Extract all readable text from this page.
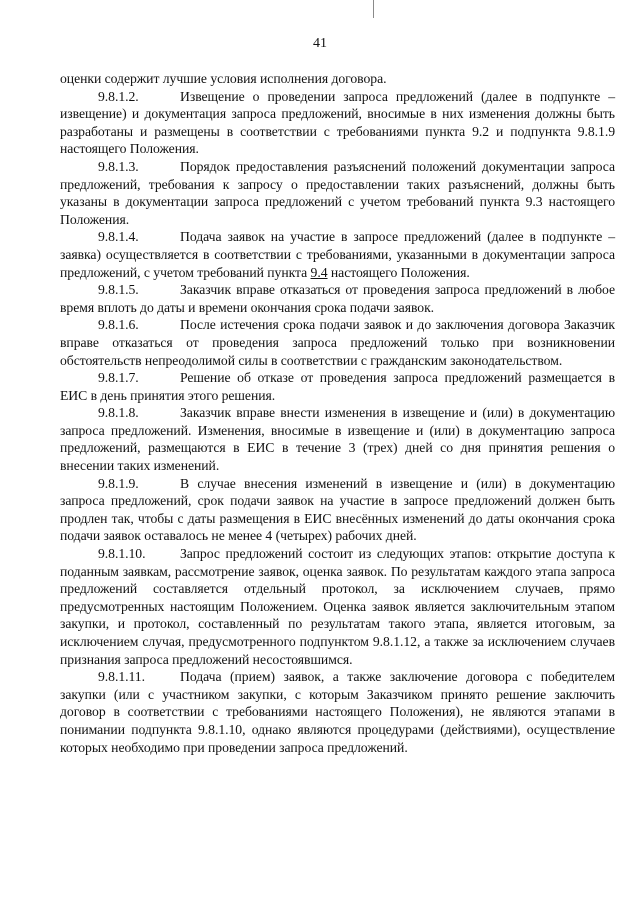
41

оценки содержит лучшие условия исполнения договора.

9.8.1.2.	Извещение о проведении запроса предложений (далее в подпункте – извещение) и документация запроса предложений, вносимые в них изменения должны быть разработаны и размещены в соответствии с требованиями пункта 9.2 и подпункта 9.8.1.9 настоящего Положения.

9.8.1.3.	Порядок предоставления разъяснений положений документации запроса предложений, требования к запросу о предоставлении таких разъяснений, должны быть указаны в документации запроса предложений с учетом требований пункта 9.3 настоящего Положения.

9.8.1.4.	Подача заявок на участие в запросе предложений (далее в подпункте – заявка) осуществляется в соответствии с требованиями, указанными в документации запроса предложений, с учетом требований пункта 9.4 настоящего Положения.

9.8.1.5.	Заказчик вправе отказаться от проведения запроса предложений в любое время вплоть до даты и времени окончания срока подачи заявок.

9.8.1.6.	После истечения срока подачи заявок и до заключения договора Заказчик вправе отказаться от проведения запроса предложений только при возникновении обстоятельств непреодолимой силы в соответствии с гражданским законодательством.

9.8.1.7.	Решение об отказе от проведения запроса предложений размещается в ЕИС в день принятия этого решения.

9.8.1.8.	Заказчик вправе внести изменения в извещение и (или) в документацию запроса предложений. Изменения, вносимые в извещение и (или) в документацию запроса предложений, размещаются в ЕИС в течение 3 (трех) дней со дня принятия решения о внесении таких изменений.

9.8.1.9.	В случае внесения изменений в извещение и (или) в документацию запроса предложений, срок подачи заявок на участие в запросе предложений должен быть продлен так, чтобы с даты размещения в ЕИС внесённых изменений до даты окончания срока подачи заявок оставалось не менее 4 (четырех) рабочих дней.

9.8.1.10.	Запрос предложений состоит из следующих этапов: открытие доступа к поданным заявкам, рассмотрение заявок, оценка заявок. По результатам каждого этапа запроса предложений составляется отдельный протокол, за исключением случаев, прямо предусмотренных настоящим Положением. Оценка заявок является заключительным этапом закупки, и протокол, составленный по результатам такого этапа, является итоговым, за исключением случая, предусмотренного подпунктом 9.8.1.12, а также за исключением случаев признания запроса предложений несостоявшимся.

9.8.1.11.	Подача (прием) заявок, а также заключение договора с победителем закупки (или с участником закупки, с которым Заказчиком принято решение заключить договор в соответствии с требованиями настоящего Положения), не являются этапами в понимании подпункта 9.8.1.10, однако являются процедурами (действиями), осуществление которых необходимо при проведении запроса предложений.
